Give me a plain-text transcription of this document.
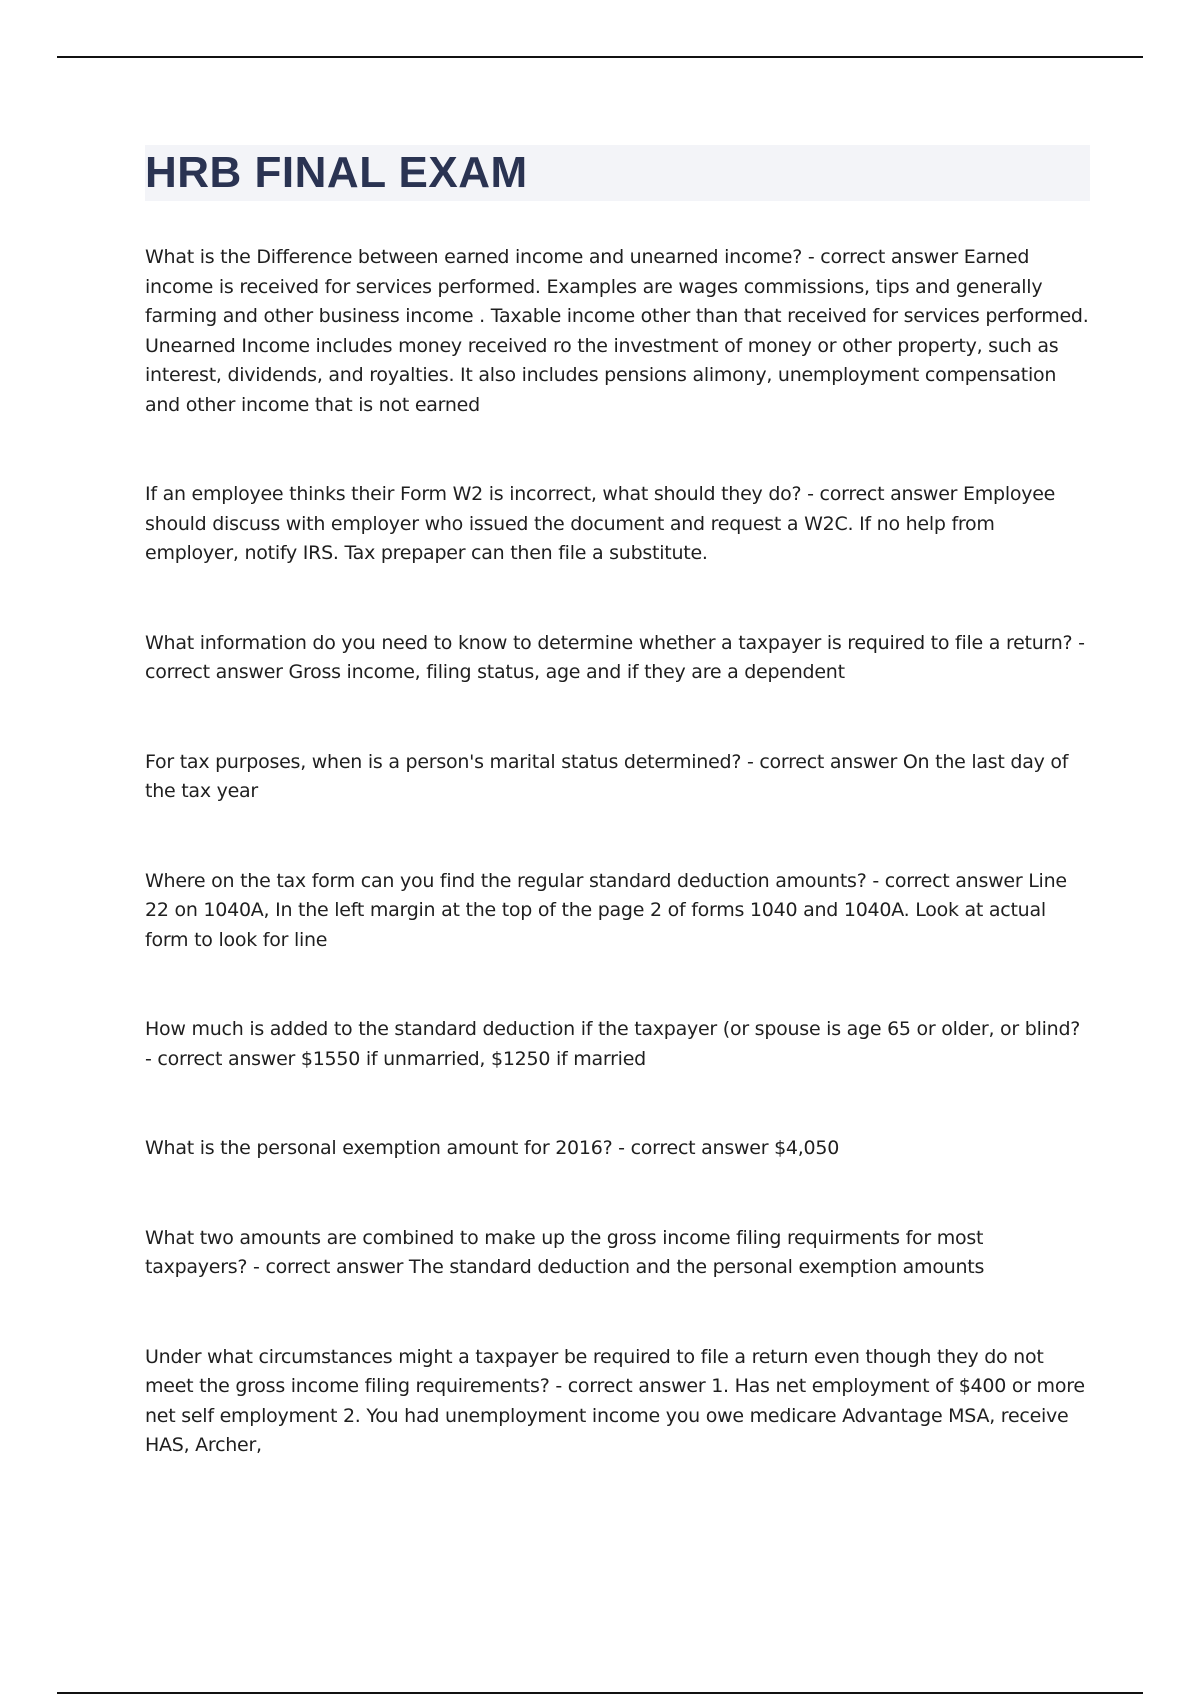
HRB FINAL EXAM

What is the Difference between earned income and unearned income? - correct answer Earned income is received for services performed. Examples are wages commissions, tips and generally farming and other business income . Taxable income other than that received for services performed. Unearned Income includes money received ro the investment of money or other property, such as interest, dividends, and royalties. It also includes pensions alimony, unemployment compensation and other income that is not earned

If an employee thinks their Form W2 is incorrect, what should they do? - correct answer Employee should discuss with employer who issued the document and request a W2C. If no help from employer, notify IRS. Tax prepaper can then file a substitute.

What information do you need to know to determine whether a taxpayer is required to file a return? - correct answer Gross income, filing status, age and if they are a dependent

For tax purposes, when is a person's marital status determined? - correct answer On the last day of the tax year

Where on the tax form can you find the regular standard deduction amounts? - correct answer Line 22 on 1040A, In the left margin at the top of the page 2 of forms 1040 and 1040A. Look at actual form to look for line

How much is added to the standard deduction if the taxpayer (or spouse is age 65 or older, or blind? - correct answer $1550 if unmarried, $1250 if married

What is the personal exemption amount for 2016? - correct answer $4,050

What two amounts are combined to make up the gross income filing requirments for most taxpayers? - correct answer The standard deduction and the personal exemption amounts

Under what circumstances might a taxpayer be required to file a return even though they do not meet the gross income filing requirements? - correct answer 1. Has net employment of $400 or more net self employment 2. You had unemployment income you owe medicare Advantage MSA, receive HAS, Archer,
